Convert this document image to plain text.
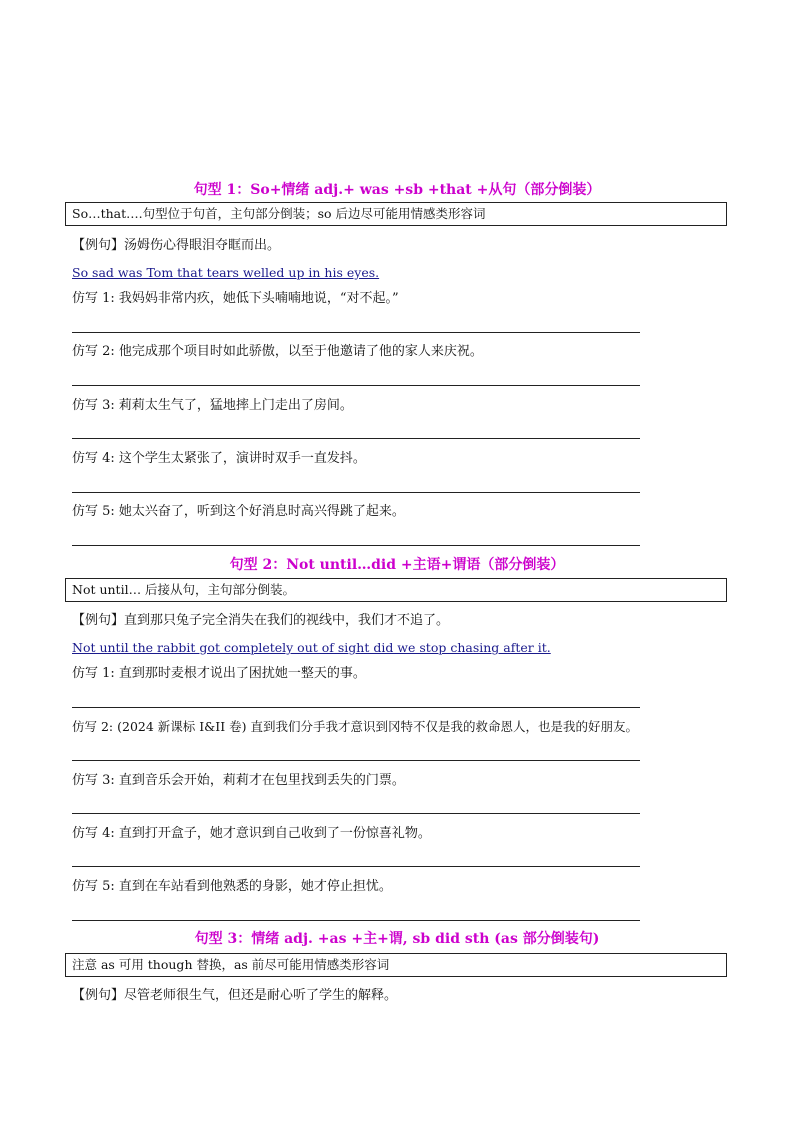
句型 1：So+情绪 adj.+ was +sb +that +从句（部分倒装）
So…that….句型位于句首，主句部分倒装；so 后边尽可能用情感类形容词
【例句】汤姆伤心得眼泪夺眶而出。
So sad was Tom that tears welled up in his eyes.
仿写 1: 我妈妈非常内疚，她低下头喃喃地说，“对不起。”
仿写 2: 他完成那个项目时如此骄傲，以至于他邀请了他的家人来庆祝。
仿写 3: 莉莉太生气了，猛地摔上门走出了房间。
仿写 4: 这个学生太紧张了，演讲时双手一直发抖。
仿写 5: 她太兴奋了，听到这个好消息时高兴得跳了起来。
句型 2：Not until…did +主语+谓语（部分倒装）
Not until… 后接从句，主句部分倒装。
【例句】直到那只兔子完全消失在我们的视线中，我们才不追了。
Not until the rabbit got completely out of sight did we stop chasing after it.
仿写 1: 直到那时麦根才说出了困扰她一整天的事。
仿写 2: (2024 新课标 I&II 卷) 直到我们分手我才意识到冈特不仅是我的救命恩人，也是我的好朋友。
仿写 3: 直到音乐会开始，莉莉才在包里找到丢失的门票。
仿写 4: 直到打开盒子，她才意识到自己收到了一份惊喜礼物。
仿写 5: 直到在车站看到他熟悉的身影，她才停止担忧。
句型 3：情绪 adj. +as +主+谓, sb did sth (as 部分倒装句)
注意 as 可用 though 替换，as 前尽可能用情感类形容词
【例句】尽管老师很生气，但还是耐心听了学生的解释。
